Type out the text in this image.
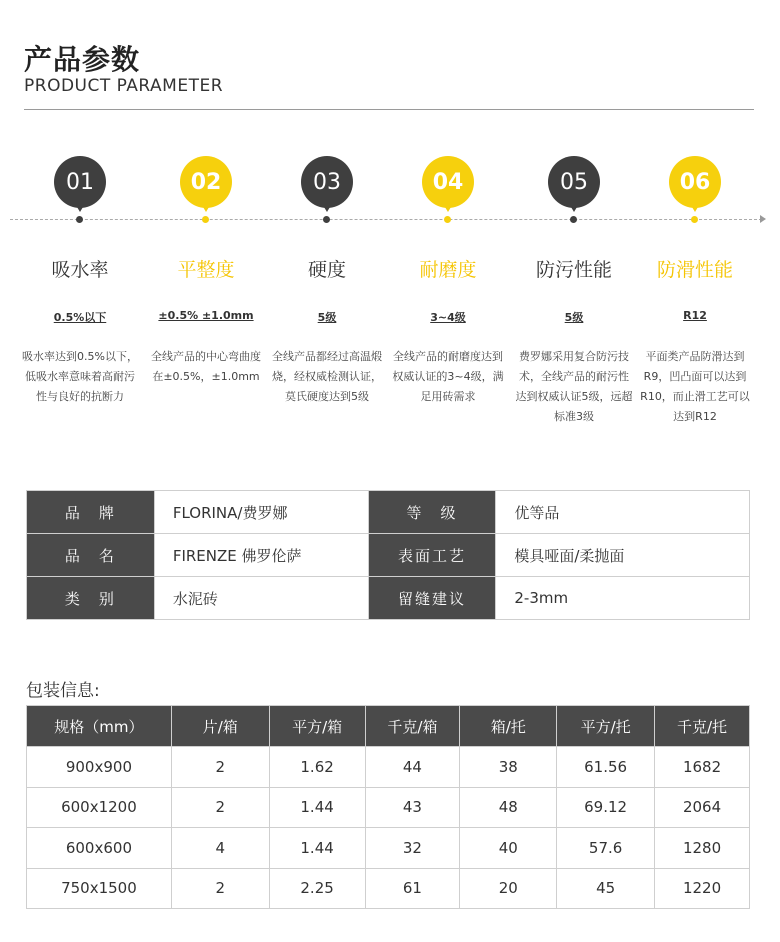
产品参数
PRODUCT PARAMETER
01
吸水率
0.5%以下
吸水率达到0.5%以下，低吸水率意味着高耐污性与良好的抗断力
02
平整度
±0.5% ±1.0mm
全线产品的中心弯曲度在±0.5%，±1.0mm
03
硬度
5级
全线产品都经过高温煅烧，经权威检测认证，莫氏硬度达到5级
04
耐磨度
3~4级
全线产品的耐磨度达到权威认证的3~4级，满足用砖需求
05
防污性能
5级
费罗娜采用复合防污技术，全线产品的耐污性达到权威认证5级，远超标准3级
06
防滑性能
R12
平面类产品防滑达到R9，凹凸面可以达到R10，而止滑工艺可以达到R12
品　牌	FLORINA/费罗娜	等　级	优等品
品　名	FIRENZE 佛罗伦萨	表面工艺	模具哑面/柔抛面
类　别	水泥砖	留缝建议	2-3mm
包装信息:
规格（mm）	片/箱	平方/箱	千克/箱	箱/托	平方/托	千克/托
900x900	2	1.62	44	38	61.56	1682
600x1200	2	1.44	43	48	69.12	2064
600x600	4	1.44	32	40	57.6	1280
750x1500	2	2.25	61	20	45	1220
